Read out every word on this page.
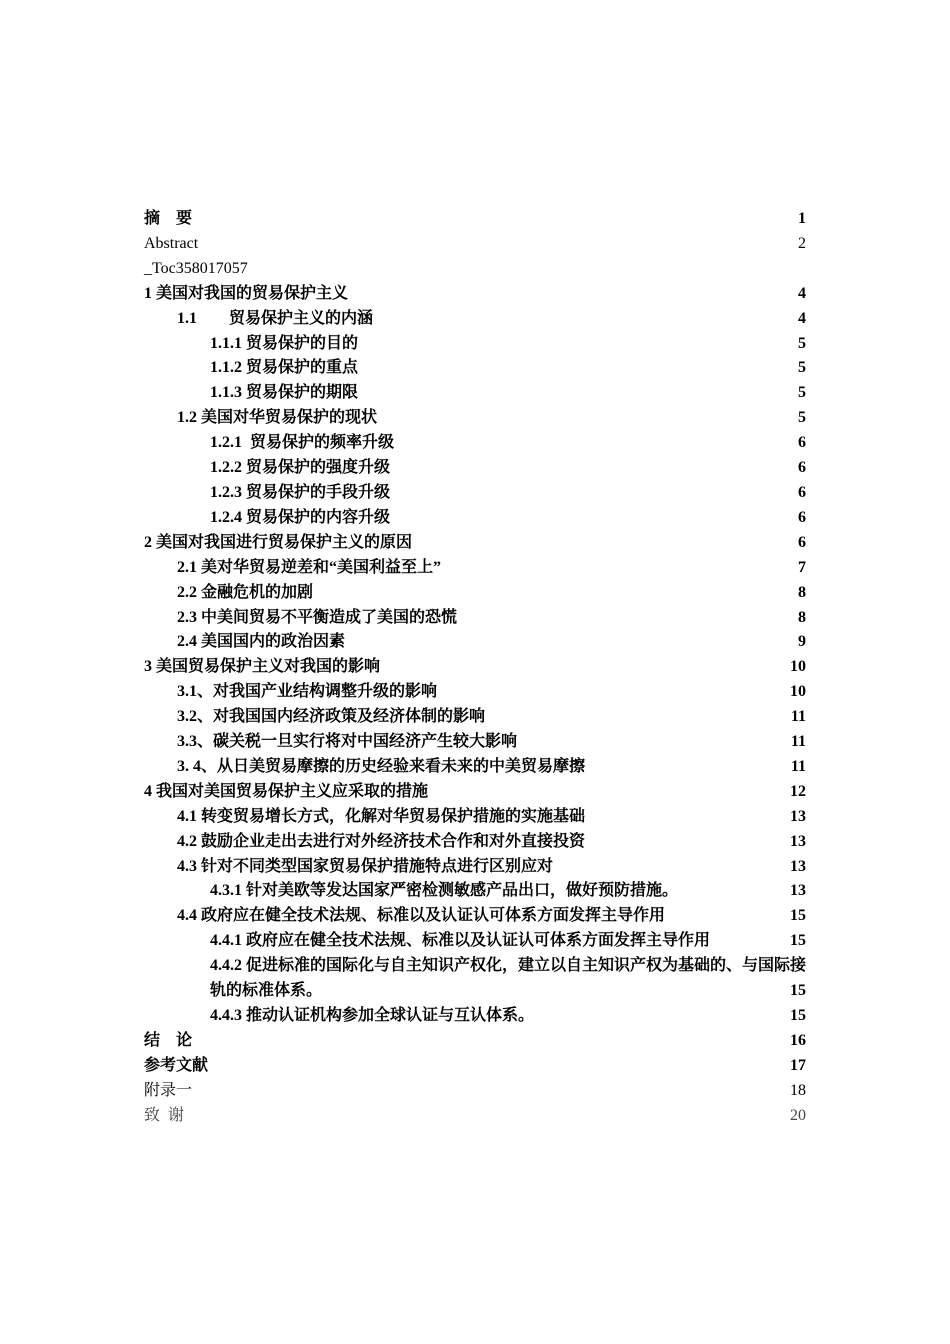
摘　要	1
Abstract	2
_Toc358017057
1 美国对我国的贸易保护主义	4
1.1　　贸易保护主义的内涵	4
1.1.1 贸易保护的目的	5
1.1.2 贸易保护的重点	5
1.1.3 贸易保护的期限	5
1.2 美国对华贸易保护的现状	5
1.2.1  贸易保护的频率升级	6
1.2.2 贸易保护的强度升级	6
1.2.3 贸易保护的手段升级	6
1.2.4 贸易保护的内容升级	6
2 美国对我国进行贸易保护主义的原因	6
2.1 美对华贸易逆差和“美国利益至上”	7
2.2 金融危机的加剧	8
2.3 中美间贸易不平衡造成了美国的恐慌	8
2.4 美国国内的政治因素	9
3 美国贸易保护主义对我国的影响	10
3.1、对我国产业结构调整升级的影响	10
3.2、对我国国内经济政策及经济体制的影响	11
3.3、碳关税一旦实行将对中国经济产生较大影响	11
3. 4、从日美贸易摩擦的历史经验来看未来的中美贸易摩擦	11
4 我国对美国贸易保护主义应采取的措施	12
4.1 转变贸易增长方式，化解对华贸易保护措施的实施基础	13
4.2 鼓励企业走出去进行对外经济技术合作和对外直接投资	13
4.3 针对不同类型国家贸易保护措施特点进行区别应对	13
4.3.1 针对美欧等发达国家严密检测敏感产品出口，做好预防措施。	13
4.4 政府应在健全技术法规、标准以及认证认可体系方面发挥主导作用	15
4.4.1 政府应在健全技术法规、标准以及认证认可体系方面发挥主导作用	15
4.4.2 促进标准的国际化与自主知识产权化，建立以自主知识产权为基础的、与国际接轨的标准体系。	15
4.4.3 推动认证机构参加全球认证与互认体系。	15
结　论	16
参考文献	17
附录一	18
致  谢	20
